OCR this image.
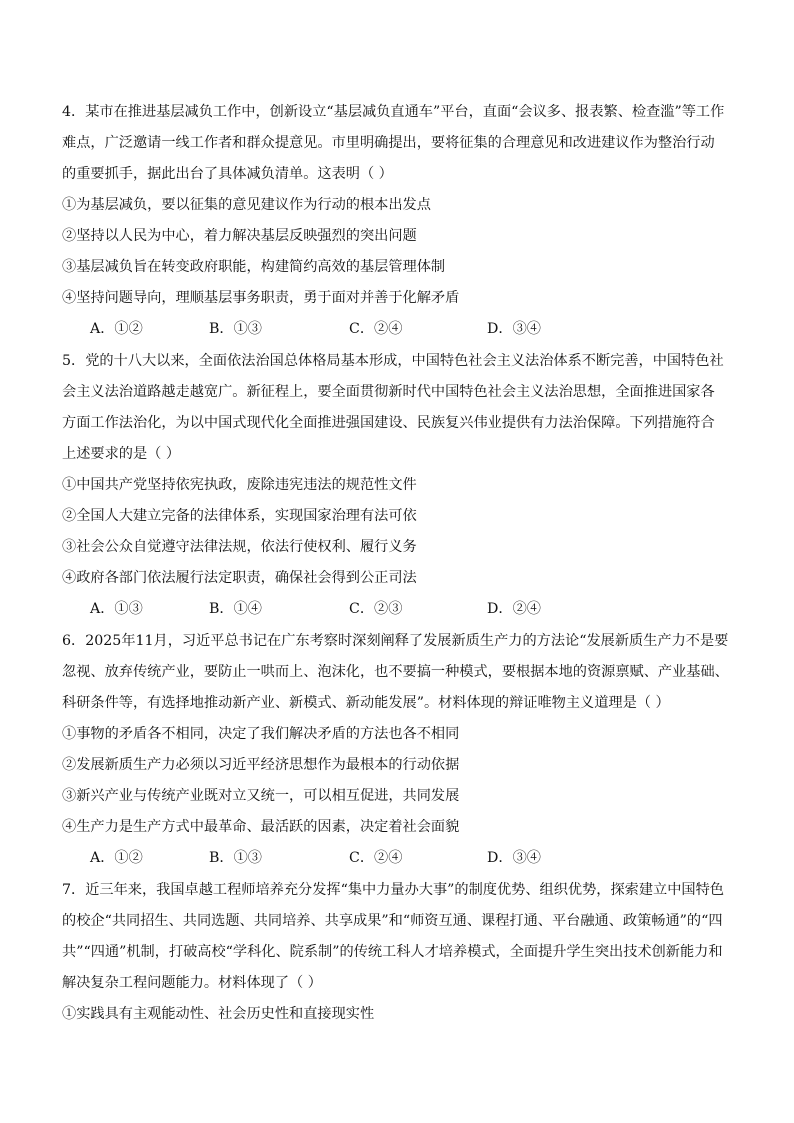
4．某市在推进基层减负工作中，创新设立“基层减负直通车”平台，直面“会议多、报表繁、检查滥”等工作
难点，广泛邀请一线工作者和群众提意见。市里明确提出，要将征集的合理意见和改进建议作为整治行动
的重要抓手，据此出台了具体减负清单。这表明（ ）
①为基层减负，要以征集的意见建议作为行动的根本出发点
②坚持以人民为中心，着力解决基层反映强烈的突出问题
③基层减负旨在转变政府职能，构建简约高效的基层管理体制
④坚持问题导向，理顺基层事务职责，勇于面对并善于化解矛盾
A．①②	B．①③	C．②④	D．③④
5．党的十八大以来，全面依法治国总体格局基本形成，中国特色社会主义法治体系不断完善，中国特色社
会主义法治道路越走越宽广。新征程上，要全面贯彻新时代中国特色社会主义法治思想，全面推进国家各
方面工作法治化，为以中国式现代化全面推进强国建设、民族复兴伟业提供有力法治保障。下列措施符合
上述要求的是（ ）
①中国共产党坚持依宪执政，废除违宪违法的规范性文件
②全国人大建立完备的法律体系，实现国家治理有法可依
③社会公众自觉遵守法律法规，依法行使权利、履行义务
④政府各部门依法履行法定职责，确保社会得到公正司法
A．①③	B．①④	C．②③	D．②④
6．2025年11月，习近平总书记在广东考察时深刻阐释了发展新质生产力的方法论“发展新质生产力不是要
忽视、放弃传统产业，要防止一哄而上、泡沫化，也不要搞一种模式，要根据本地的资源禀赋、产业基础、
科研条件等，有选择地推动新产业、新模式、新动能发展”。材料体现的辩证唯物主义道理是（ ）
①事物的矛盾各不相同，决定了我们解决矛盾的方法也各不相同
②发展新质生产力必须以习近平经济思想作为最根本的行动依据
③新兴产业与传统产业既对立又统一，可以相互促进，共同发展
④生产力是生产方式中最革命、最活跃的因素，决定着社会面貌
A．①②	B．①③	C．②④	D．③④
7．近三年来，我国卓越工程师培养充分发挥“集中力量办大事”的制度优势、组织优势，探索建立中国特色
的校企“共同招生、共同选题、共同培养、共享成果”和“师资互通、课程打通、平台融通、政策畅通”的“四
共”“四通”机制，打破高校“学科化、院系制”的传统工科人才培养模式，全面提升学生突出技术创新能力和
解决复杂工程问题能力。材料体现了（ ）
①实践具有主观能动性、社会历史性和直接现实性
